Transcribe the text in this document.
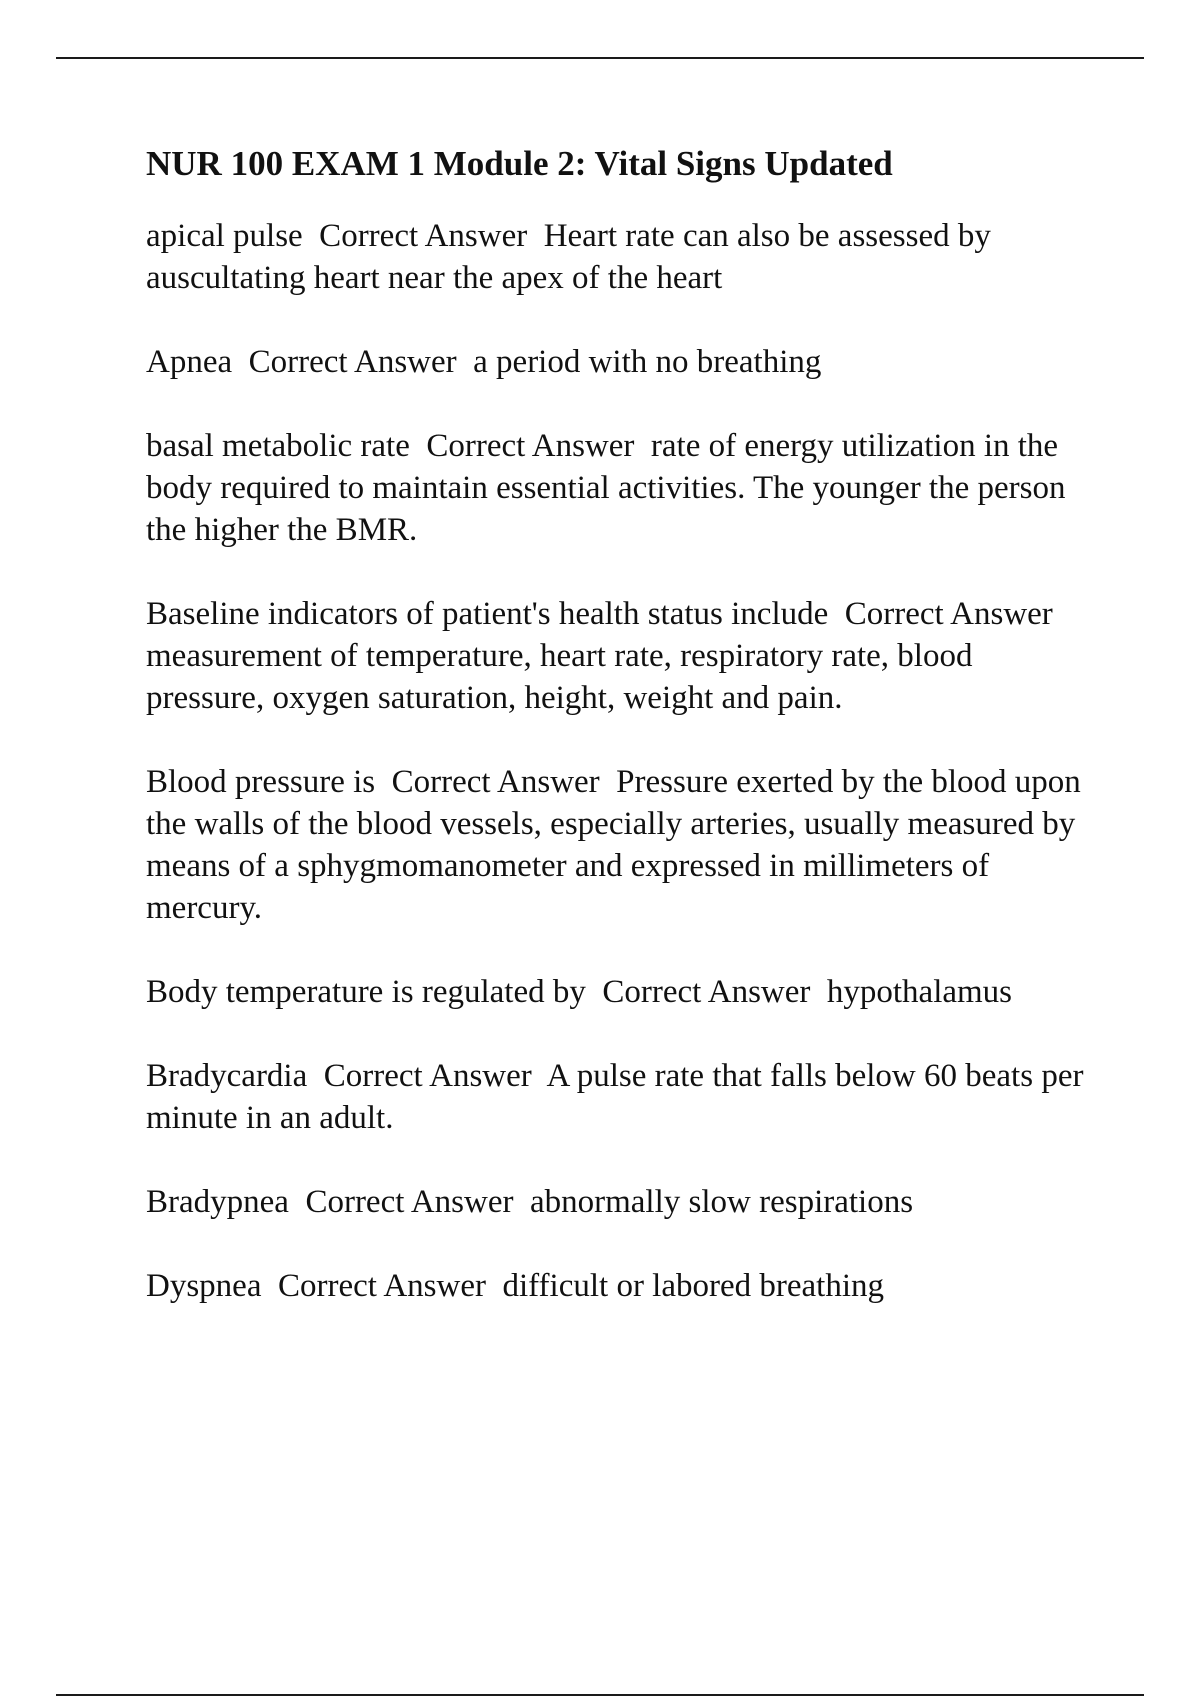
NUR 100 EXAM 1 Module 2: Vital Signs Updated

apical pulse  Correct Answer  Heart rate can also be assessed by auscultating heart near the apex of the heart

Apnea  Correct Answer  a period with no breathing

basal metabolic rate  Correct Answer  rate of energy utilization in the body required to maintain essential activities. The younger the person the higher the BMR.

Baseline indicators of patient's health status include  Correct Answer  measurement of temperature, heart rate, respiratory rate, blood pressure, oxygen saturation, height, weight and pain.

Blood pressure is  Correct Answer  Pressure exerted by the blood upon the walls of the blood vessels, especially arteries, usually measured by means of a sphygmomanometer and expressed in millimeters of mercury.

Body temperature is regulated by  Correct Answer  hypothalamus

Bradycardia  Correct Answer  A pulse rate that falls below 60 beats per minute in an adult.

Bradypnea  Correct Answer  abnormally slow respirations

Dyspnea  Correct Answer  difficult or labored breathing
